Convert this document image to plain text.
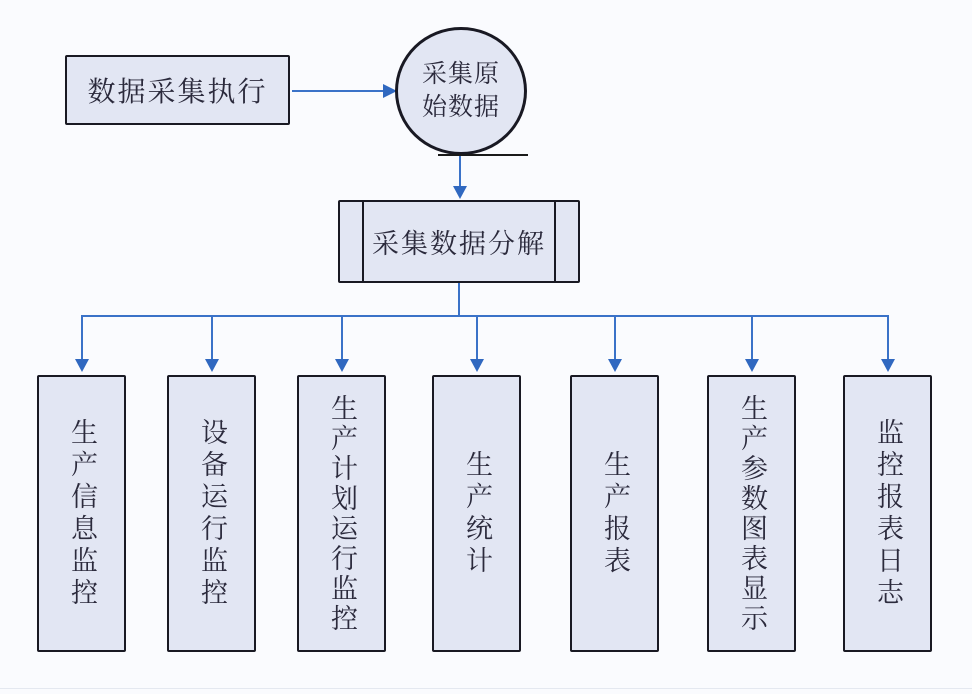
数据采集执行
采集原
始数据
采集数据分解
生产信息监控	设备运行监控	生产计划运行监控	生产统计	生产报表	生产参数图表显示	监控报表日志
